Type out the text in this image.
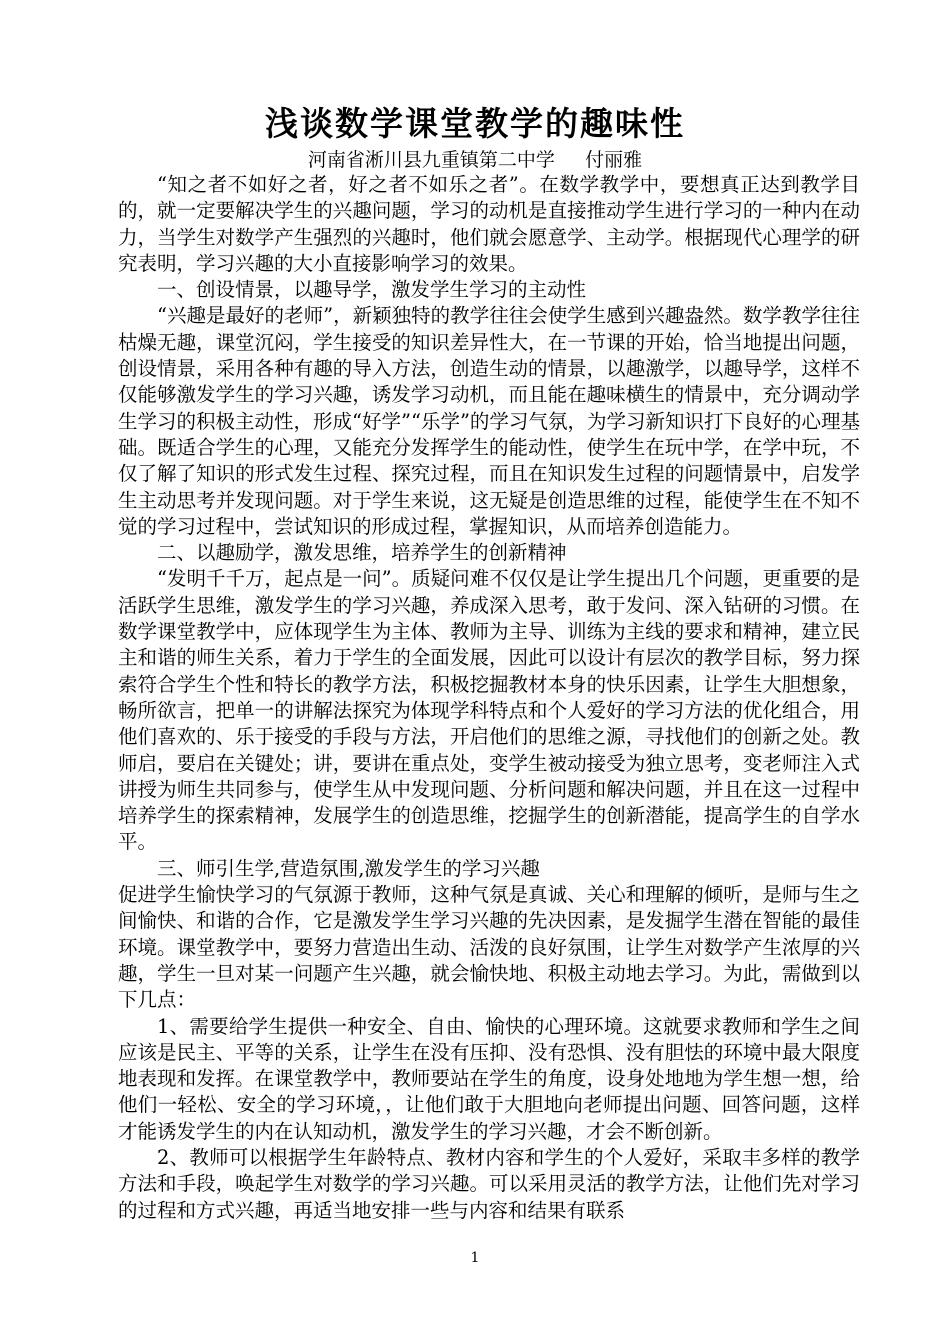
浅谈数学课堂教学的趣味性
河南省淅川县九重镇第二中学     付丽雅

“知之者不如好之者，好之者不如乐之者”。在数学教学中，要想真正达到教学目的，就一定要解决学生的兴趣问题，学习的动机是直接推动学生进行学习的一种内在动力，当学生对数学产生强烈的兴趣时，他们就会愿意学、主动学。根据现代心理学的研究表明，学习兴趣的大小直接影响学习的效果。

一、创设情景，以趣导学，激发学生学习的主动性

“兴趣是最好的老师”，新颖独特的教学往往会使学生感到兴趣盎然。数学教学往往枯燥无趣，课堂沉闷，学生接受的知识差异性大，在一节课的开始，恰当地提出问题，创设情景，采用各种有趣的导入方法，创造生动的情景，以趣激学，以趣导学，这样不仅能够激发学生的学习兴趣，诱发学习动机，而且能在趣味横生的情景中，充分调动学生学习的积极主动性，形成“好学”“乐学”的学习气氛，为学习新知识打下良好的心理基础。既适合学生的心理，又能充分发挥学生的能动性，使学生在玩中学，在学中玩，不仅了解了知识的形式发生过程、探究过程，而且在知识发生过程的问题情景中，启发学生主动思考并发现问题。对于学生来说，这无疑是创造思维的过程，能使学生在不知不觉的学习过程中，尝试知识的形成过程，掌握知识，从而培养创造能力。

二、以趣励学，激发思维，培养学生的创新精神

“发明千千万，起点是一问”。质疑问难不仅仅是让学生提出几个问题，更重要的是活跃学生思维，激发学生的学习兴趣，养成深入思考，敢于发问、深入钻研的习惯。在数学课堂教学中，应体现学生为主体、教师为主导、训练为主线的要求和精神，建立民主和谐的师生关系，着力于学生的全面发展，因此可以设计有层次的教学目标，努力探索符合学生个性和特长的教学方法，积极挖掘教材本身的快乐因素，让学生大胆想象，畅所欲言，把单一的讲解法探究为体现学科特点和个人爱好的学习方法的优化组合，用他们喜欢的、乐于接受的手段与方法，开启他们的思维之源，寻找他们的创新之处。教师启，要启在关键处；讲，要讲在重点处，变学生被动接受为独立思考，变老师注入式讲授为师生共同参与，使学生从中发现问题、分析问题和解决问题，并且在这一过程中培养学生的探索精神，发展学生的创造思维，挖掘学生的创新潜能，提高学生的自学水平。

三、师引生学,营造氛围,激发学生的学习兴趣

促进学生愉快学习的气氛源于教师，这种气氛是真诚、关心和理解的倾听，是师与生之间愉快、和谐的合作，它是激发学生学习兴趣的先决因素，是发掘学生潜在智能的最佳环境。课堂教学中，要努力营造出生动、活泼的良好氛围，让学生对数学产生浓厚的兴趣，学生一旦对某一问题产生兴趣，就会愉快地、积极主动地去学习。为此，需做到以下几点：

1、需要给学生提供一种安全、自由、愉快的心理环境。这就要求教师和学生之间应该是民主、平等的关系，让学生在没有压抑、没有恐惧、没有胆怯的环境中最大限度地表现和发挥。在课堂教学中，教师要站在学生的角度，设身处地地为学生想一想，给他们一轻松、安全的学习环境，，让他们敢于大胆地向老师提出问题、回答问题，这样才能诱发学生的内在认知动机，激发学生的学习兴趣，才会不断创新。

2、教师可以根据学生年龄特点、教材内容和学生的个人爱好，采取丰多样的教学方法和手段，唤起学生对数学的学习兴趣。可以采用灵活的教学方法，让他们先对学习的过程和方式兴趣，再适当地安排一些与内容和结果有联系

1
